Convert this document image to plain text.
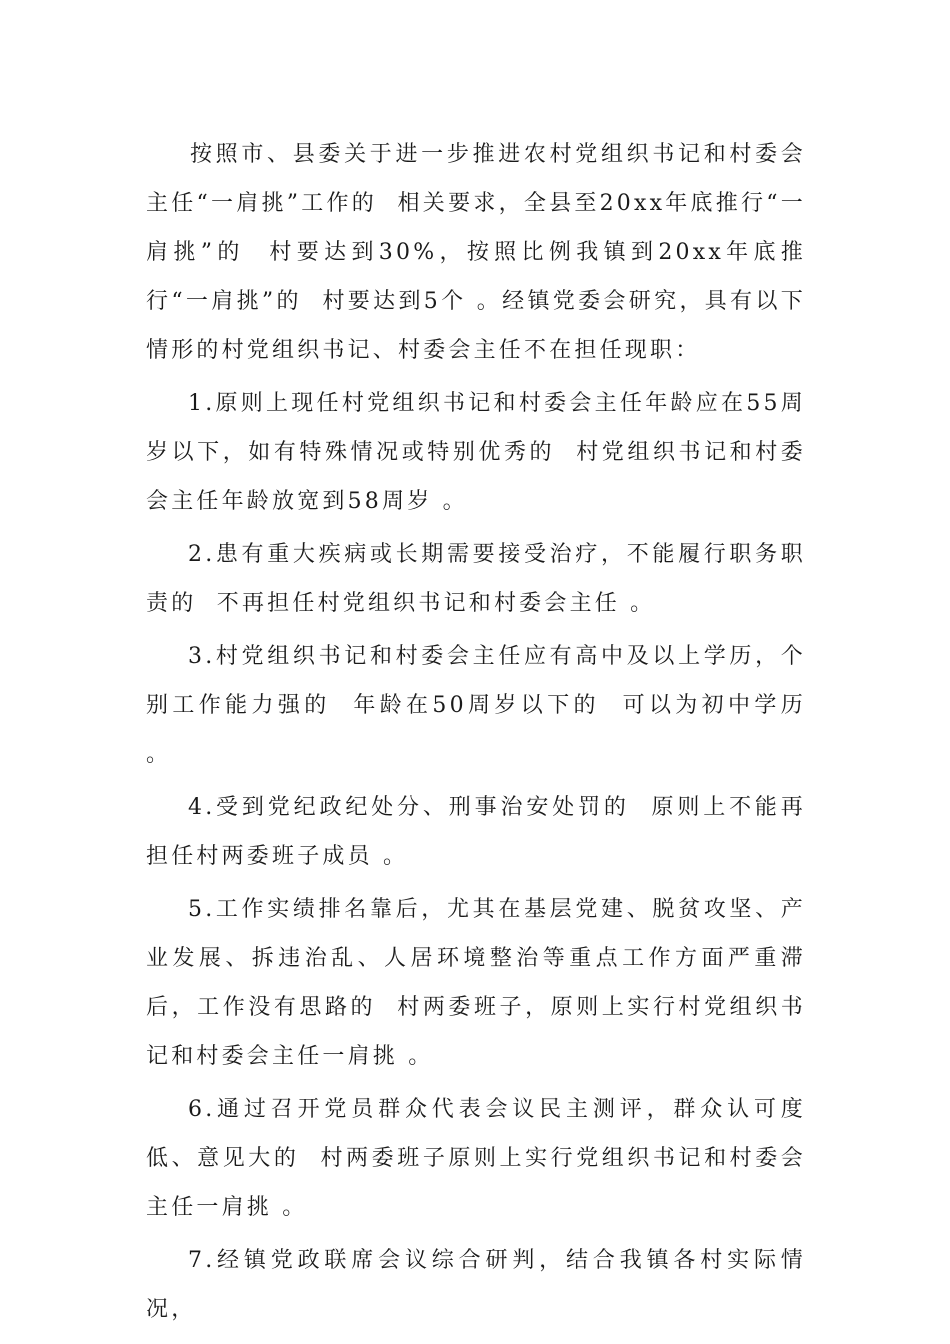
按照市、县委关于进一步推进农村党组织书记和村委会主任“一肩挑”工作的  相关要求，全县至20xx年底推行“一肩挑”的  村要达到30%，按照比例我镇到20xx年底推行“一肩挑”的  村要达到5个 。经镇党委会研究，具有以下情形的村党组织书记、村委会主任不在担任现职：

1.原则上现任村党组织书记和村委会主任年龄应在55周岁以下，如有特殊情况或特别优秀的  村党组织书记和村委会主任年龄放宽到58周岁 。

2.患有重大疾病或长期需要接受治疗，不能履行职务职责的  不再担任村党组织书记和村委会主任 。

3.村党组织书记和村委会主任应有高中及以上学历，个别工作能力强的  年龄在50周岁以下的  可以为初中学历 。

4.受到党纪政纪处分、刑事治安处罚的  原则上不能再担任村两委班子成员 。

5.工作实绩排名靠后，尤其在基层党建、脱贫攻坚、产业发展、拆违治乱、人居环境整治等重点工作方面严重滞后，工作没有思路的  村两委班子，原则上实行村党组织书记和村委会主任一肩挑 。

6.通过召开党员群众代表会议民主测评，群众认可度低、意见大的  村两委班子原则上实行党组织书记和村委会主任一肩挑 。

7.经镇党政联席会议综合研判，结合我镇各村实际情况，
